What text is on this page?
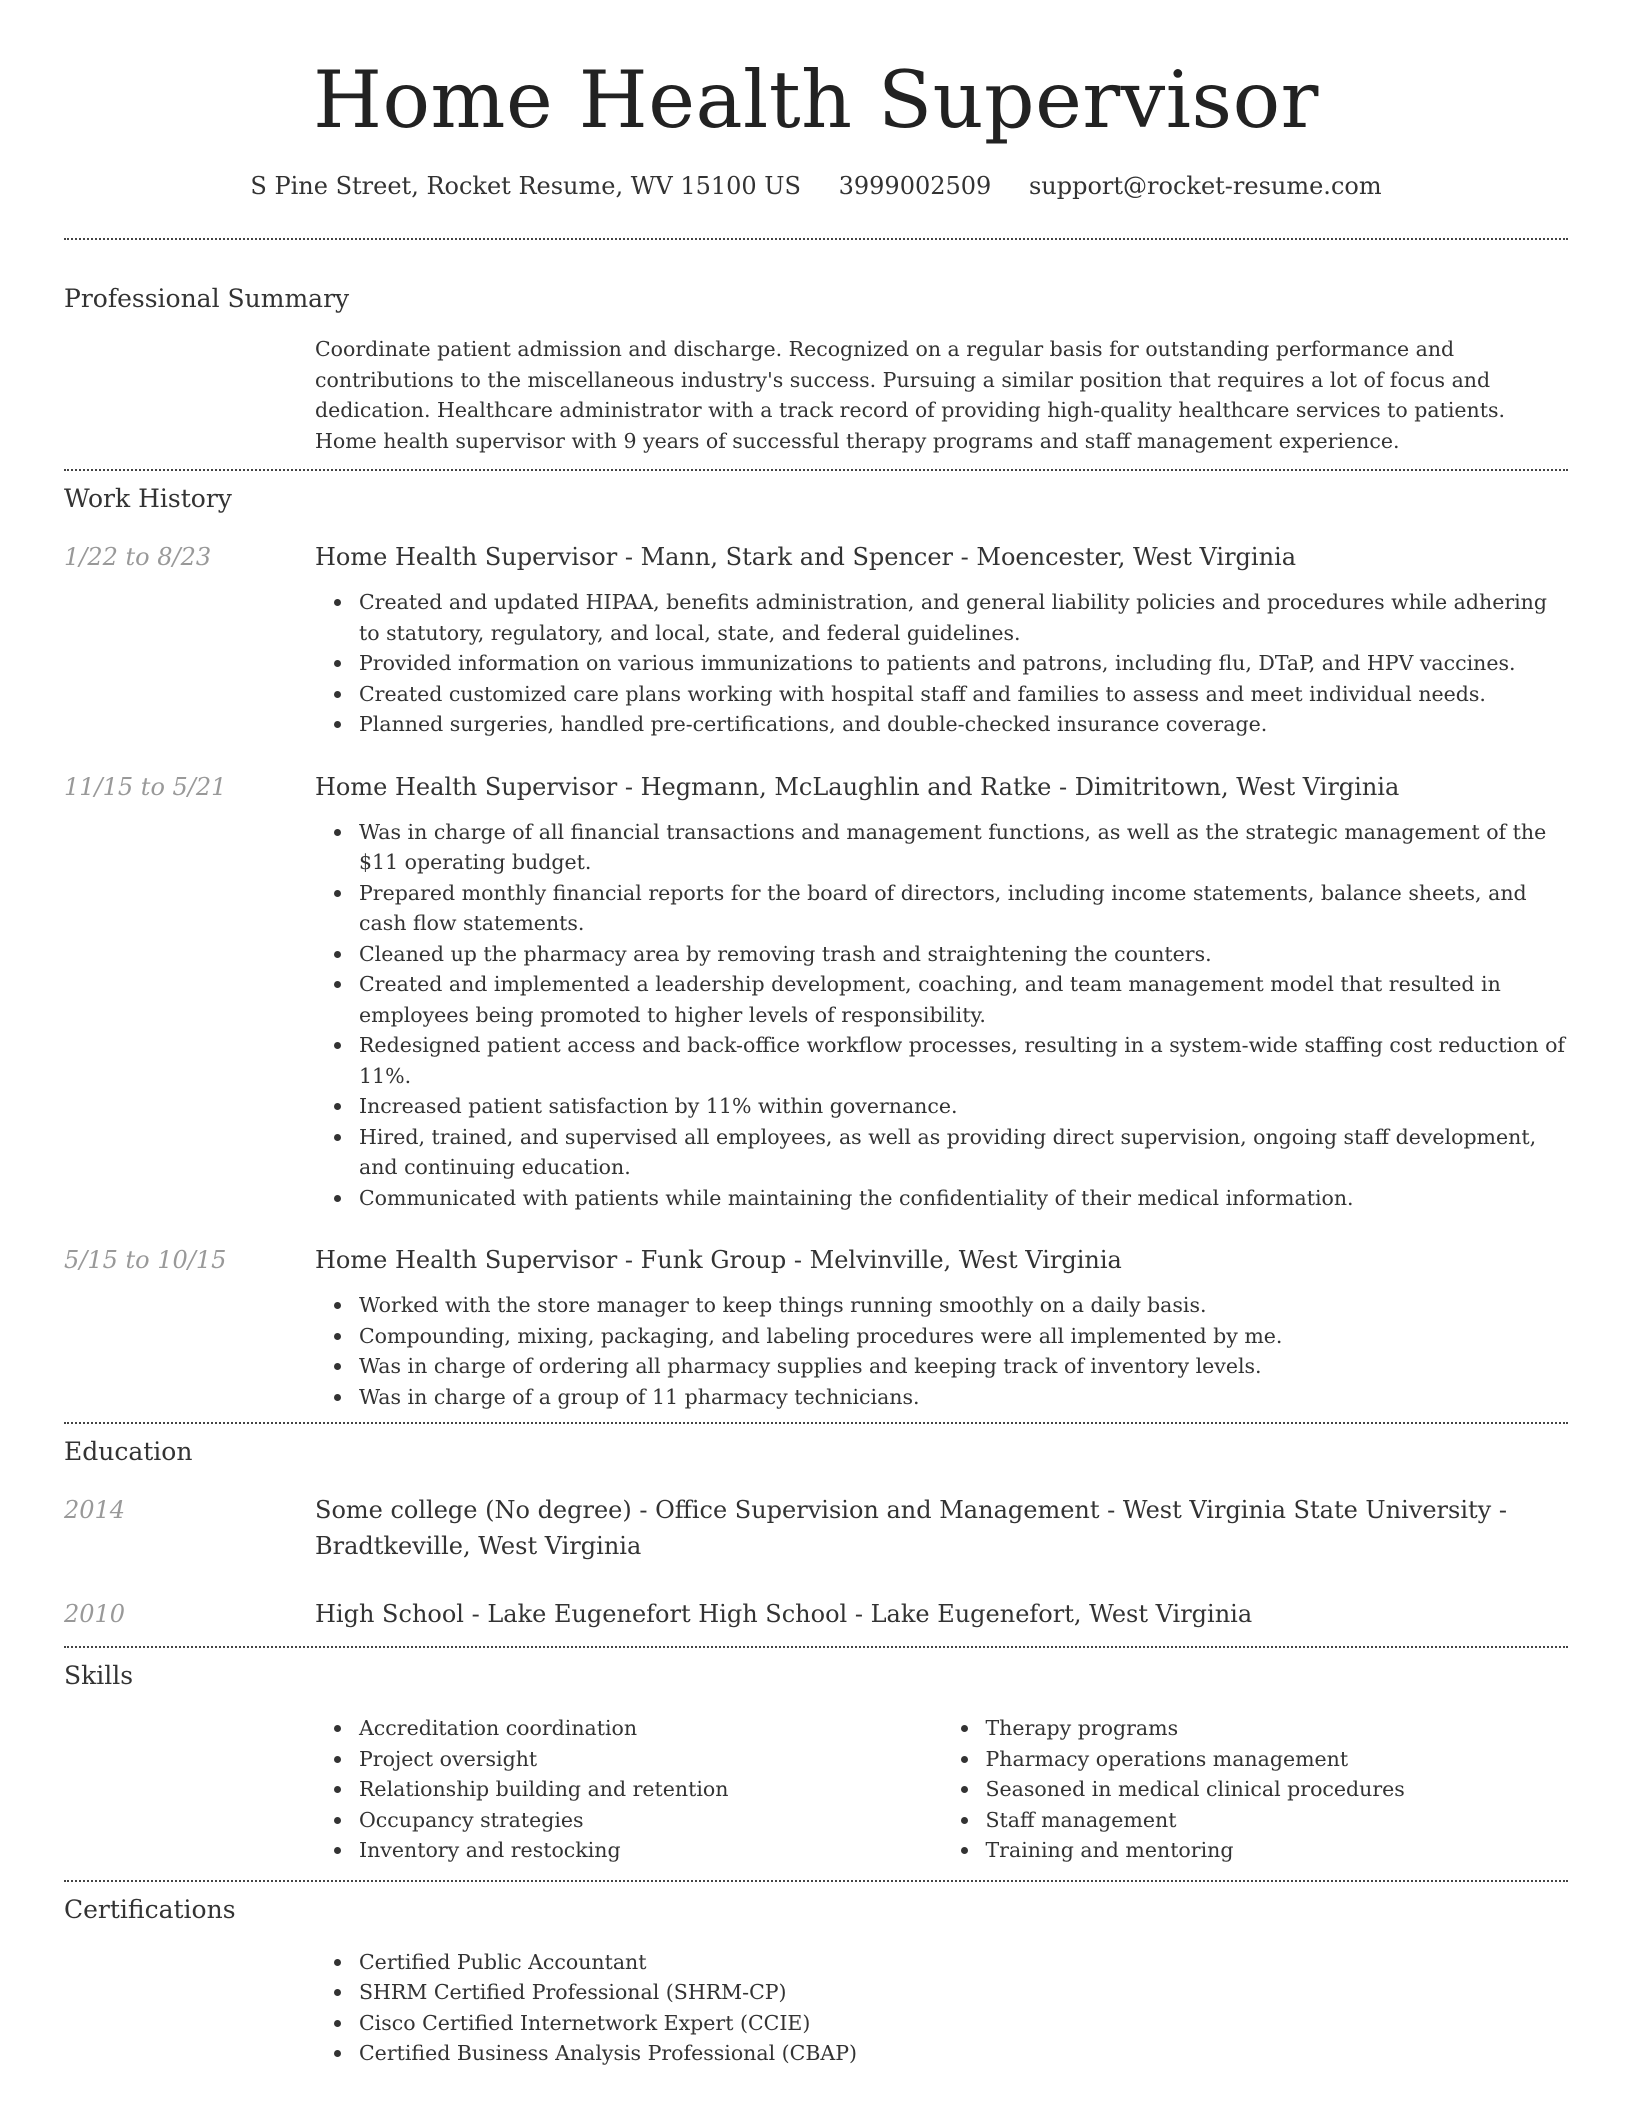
Home Health Supervisor
S Pine Street, Rocket Resume, WV 15100 US 3999002509 support@rocket-resume.com
Professional Summary
Coordinate patient admission and discharge. Recognized on a regular basis for outstanding performance and contributions to the miscellaneous industry's success. Pursuing a similar position that requires a lot of focus and dedication. Healthcare administrator with a track record of providing high-quality healthcare services to patients. Home health supervisor with 9 years of successful therapy programs and staff management experience.
Work History
1/22 to 8/23	Home Health Supervisor - Mann, Stark and Spencer - Moencester, West Virginia
Created and updated HIPAA, benefits administration, and general liability policies and procedures while adhering to statutory, regulatory, and local, state, and federal guidelines.
Provided information on various immunizations to patients and patrons, including flu, DTaP, and HPV vaccines.
Created customized care plans working with hospital staff and families to assess and meet individual needs.
Planned surgeries, handled pre-certifications, and double-checked insurance coverage.
11/15 to 5/21	Home Health Supervisor - Hegmann, McLaughlin and Ratke - Dimitritown, West Virginia
Was in charge of all financial transactions and management functions, as well as the strategic management of the $11 operating budget.
Prepared monthly financial reports for the board of directors, including income statements, balance sheets, and cash flow statements.
Cleaned up the pharmacy area by removing trash and straightening the counters.
Created and implemented a leadership development, coaching, and team management model that resulted in employees being promoted to higher levels of responsibility.
Redesigned patient access and back-office workflow processes, resulting in a system-wide staffing cost reduction of 11%.
Increased patient satisfaction by 11% within governance.
Hired, trained, and supervised all employees, as well as providing direct supervision, ongoing staff development, and continuing education.
Communicated with patients while maintaining the confidentiality of their medical information.
5/15 to 10/15	Home Health Supervisor - Funk Group - Melvinville, West Virginia
Worked with the store manager to keep things running smoothly on a daily basis.
Compounding, mixing, packaging, and labeling procedures were all implemented by me.
Was in charge of ordering all pharmacy supplies and keeping track of inventory levels.
Was in charge of a group of 11 pharmacy technicians.
Education
2014	Some college (No degree) - Office Supervision and Management - West Virginia State University - Bradtkeville, West Virginia
2010	High School - Lake Eugenefort High School - Lake Eugenefort, West Virginia
Skills
Accreditation coordination
Project oversight
Relationship building and retention
Occupancy strategies
Inventory and restocking
Therapy programs
Pharmacy operations management
Seasoned in medical clinical procedures
Staff management
Training and mentoring
Certifications
Certified Public Accountant
SHRM Certified Professional (SHRM-CP)
Cisco Certified Internetwork Expert (CCIE)
Certified Business Analysis Professional (CBAP)
